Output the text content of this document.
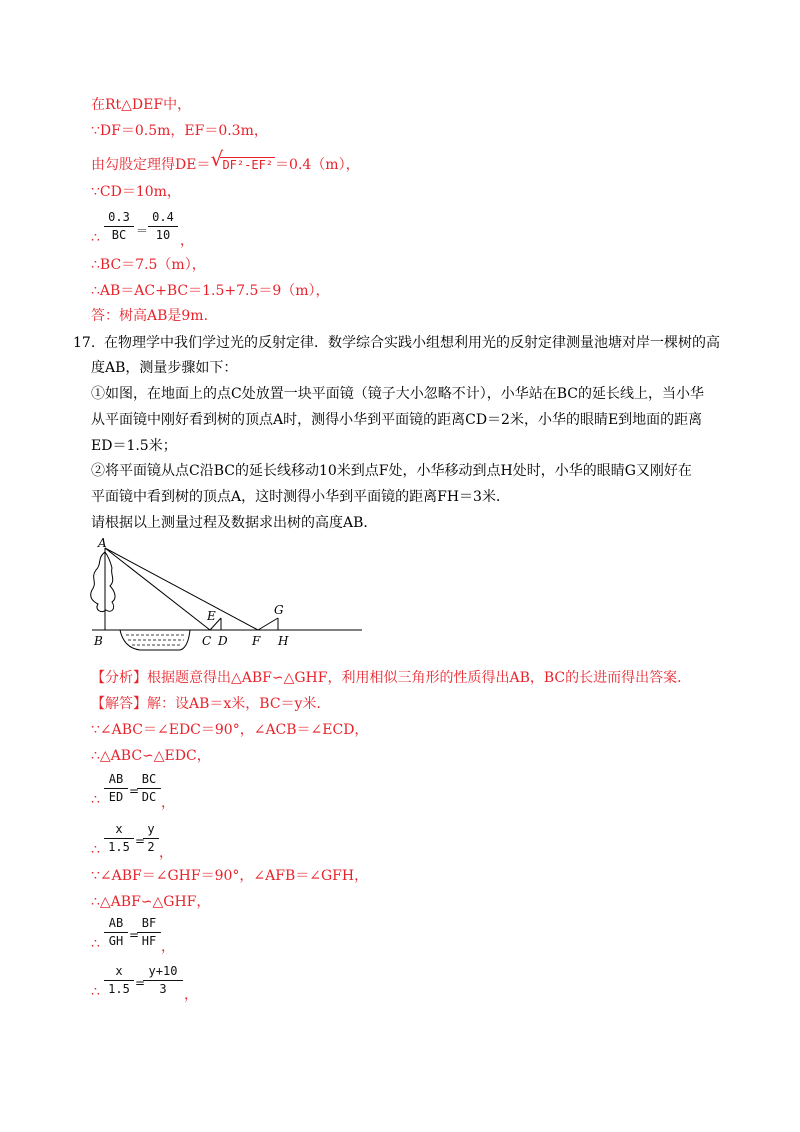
在Rt△DEF中，
∵DF＝0.5m，EF＝0.3m，
由勾股定理得DE＝ √ DF²-EF² ＝0.4（m），
∵CD＝10m，
∴
0.3
BC ＝
0.4
10 ，
∴BC＝7.5（m），
∴AB＝AC+BC＝1.5+7.5＝9（m），
答：树高AB是9m.
17. 在物理学中我们学过光的反射定律．数学综合实践小组想利用光的反射定律测量池塘对岸一棵树的高
度AB，测量步骤如下：
①如图，在地面上的点C处放置一块平面镜（镜子大小忽略不计），小华站在BC的延长线上，当小华
从平面镜中刚好看到树的顶点A时，测得小华到平面镜的距离CD＝2米，小华的眼睛E到地面的距离
ED＝1.5米；
②将平面镜从点C沿BC的延长线移动10米到点F处，小华移动到点H处时，小华的眼睛G又刚好在
平面镜中看到树的顶点A，这时测得小华到平面镜的距离FH＝3米．
请根据以上测量过程及数据求出树的高度AB．
A
B	C D
E
F
G
H
【分析】根据题意得出△ABF∽△GHF，利用相似三角形的性质得出AB，BC的长进而得出答案．
【解答】解：设AB＝x米，BC＝y米．
∵∠ABC＝∠EDC＝90°，∠ACB＝∠ECD，
∴△ABC∽△EDC，
∴
AB
ED =
BC
DC ，
∴
x
1.5 =
y
2 ，
∵∠ABF＝∠GHF＝90°，∠AFB＝∠GFH，
∴△ABF∽△GHF，
∴
AB
GH =
BF
HF ，
∴
x
1.5 =
y+10
3	，
